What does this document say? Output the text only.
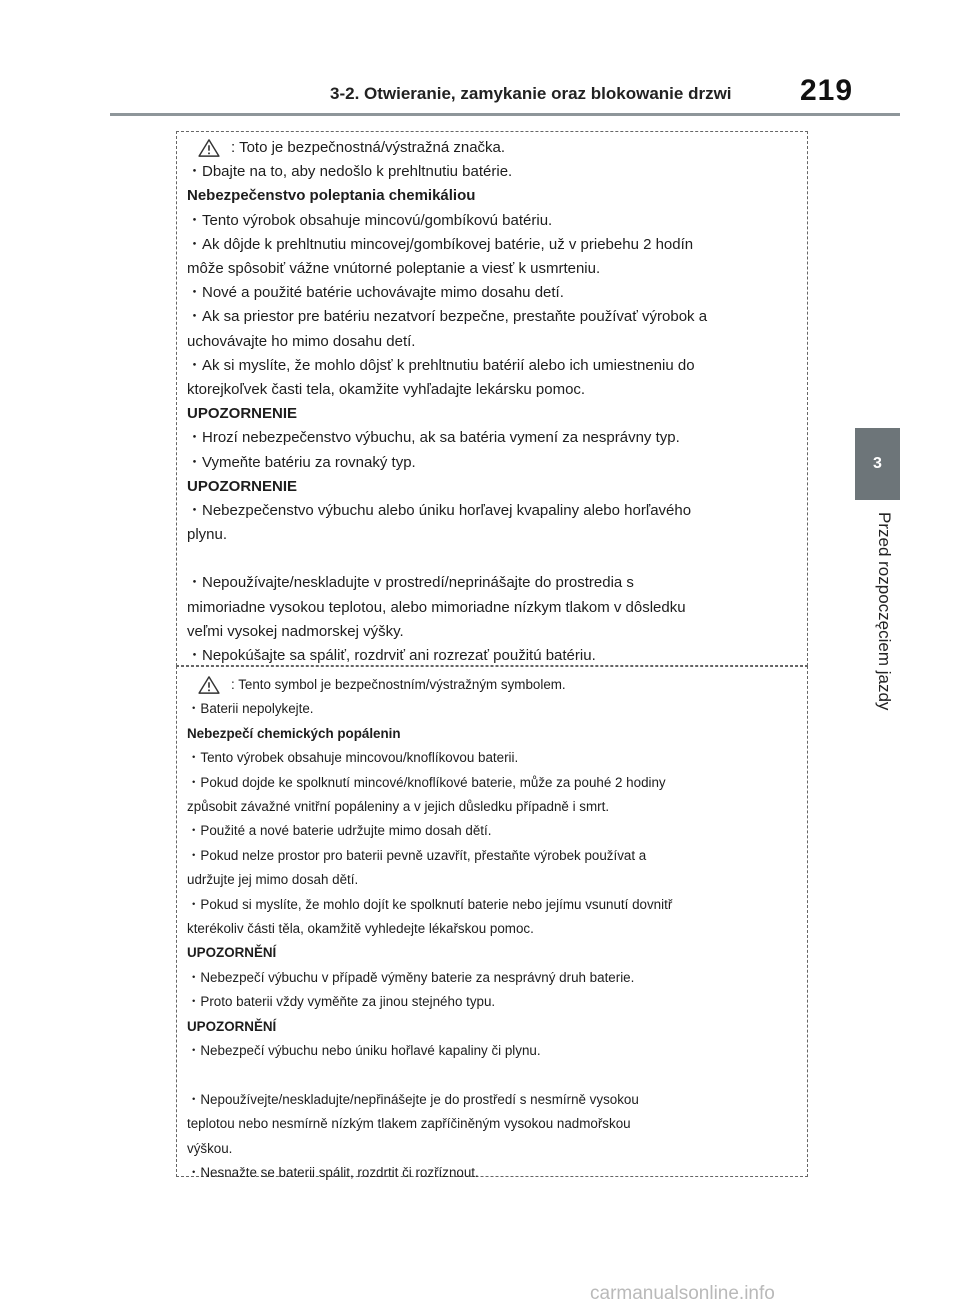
3-2. Otwieranie, zamykanie oraz blokowanie drzwi 219
3
Przed rozpoczęciem jazdy
: Toto je bezpečnostná/výstražná značka.
・Dbajte na to, aby nedošlo k prehltnutiu batérie.
Nebezpečenstvo poleptania chemikáliou
・Tento výrobok obsahuje mincovú/gombíkovú batériu.
・Ak dôjde k prehltnutiu mincovej/gombíkovej batérie, už v priebehu 2 hodín
môže spôsobiť vážne vnútorné poleptanie a viesť k usmrteniu.
・Nové a použité batérie uchovávajte mimo dosahu detí.
・Ak sa priestor pre batériu nezatvorí bezpečne, prestaňte používať výrobok a
uchovávajte ho mimo dosahu detí.
・Ak si myslíte, že mohlo dôjsť k prehltnutiu batérií alebo ich umiestneniu do
ktorejkoľvek časti tela, okamžite vyhľadajte lekársku pomoc.
UPOZORNENIE
・Hrozí nebezpečenstvo výbuchu, ak sa batéria vymení za nesprávny typ.
・Vymeňte batériu za rovnaký typ.
UPOZORNENIE
・Nebezpečenstvo výbuchu alebo úniku horľavej kvapaliny alebo horľavého
plynu.
・Nepoužívajte/neskladujte v prostredí/neprinášajte do prostredia s
mimoriadne vysokou teplotou, alebo mimoriadne nízkym tlakom v dôsledku
veľmi vysokej nadmorskej výšky.
・Nepokúšajte sa spáliť, rozdrviť ani rozrezať použitú batériu.
: Tento symbol je bezpečnostním/výstražným symbolem.
・Baterii nepolykejte.
Nebezpečí chemických popálenin
・Tento výrobek obsahuje mincovou/knoflíkovou baterii.
・Pokud dojde ke spolknutí mincové/knoflíkové baterie, může za pouhé 2 hodiny
způsobit závažné vnitřní popáleniny a v jejich důsledku případně i smrt.
・Použité a nové baterie udržujte mimo dosah dětí.
・Pokud nelze prostor pro baterii pevně uzavřít, přestaňte výrobek používat a
udržujte jej mimo dosah dětí.
・Pokud si myslíte, že mohlo dojít ke spolknutí baterie nebo jejímu vsunutí dovnitř
kterékoliv části těla, okamžitě vyhledejte lékařskou pomoc.
UPOZORNĚNÍ
・Nebezpečí výbuchu v případě výměny baterie za nesprávný druh baterie.
・Proto baterii vždy vyměňte za jinou stejného typu.
UPOZORNĚNÍ
・Nebezpečí výbuchu nebo úniku hořlavé kapaliny či plynu.
・Nepoužívejte/neskladujte/nepřinášejte je do prostředí s nesmírně vysokou
teplotou nebo nesmírně nízkým tlakem zapříčiněným vysokou nadmořskou
výškou.
・Nesnažte se baterii spálit, rozdrtit či rozříznout.
carmanualsonline.info
